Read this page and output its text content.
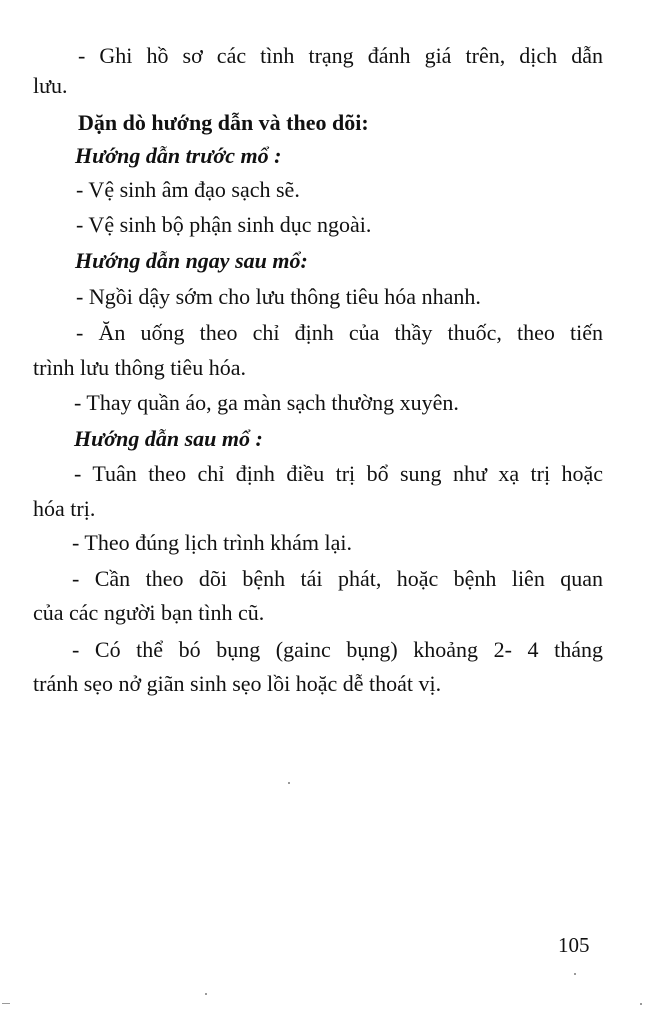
- Ghi hồ sơ các tình trạng đánh giá trên, dịch dẫn
lưu.
Dặn dò hướng dẫn và theo dõi:
Hướng dẫn trước mổ :
- Vệ sinh âm đạo sạch sẽ.
- Vệ sinh bộ phận sinh dục ngoài.
Hướng dẫn ngay sau mổ:
- Ngồi dậy sớm cho lưu thông tiêu hóa nhanh.
- Ăn uống theo chỉ định của thầy thuốc, theo tiến
trình lưu thông tiêu hóa.
- Thay quần áo, ga màn sạch thường xuyên.
Hướng dẫn sau mổ :
- Tuân theo chỉ định điều trị bổ sung như xạ trị hoặc
hóa trị.
- Theo đúng lịch trình khám lại.
- Cần theo dõi bệnh tái phát, hoặc bệnh liên quan
của các người bạn tình cũ.
- Có thể bó bụng (gainc bụng) khoảng 2- 4 tháng
tránh sẹo nở giãn sinh sẹo lồi hoặc dễ thoát vị.
105
